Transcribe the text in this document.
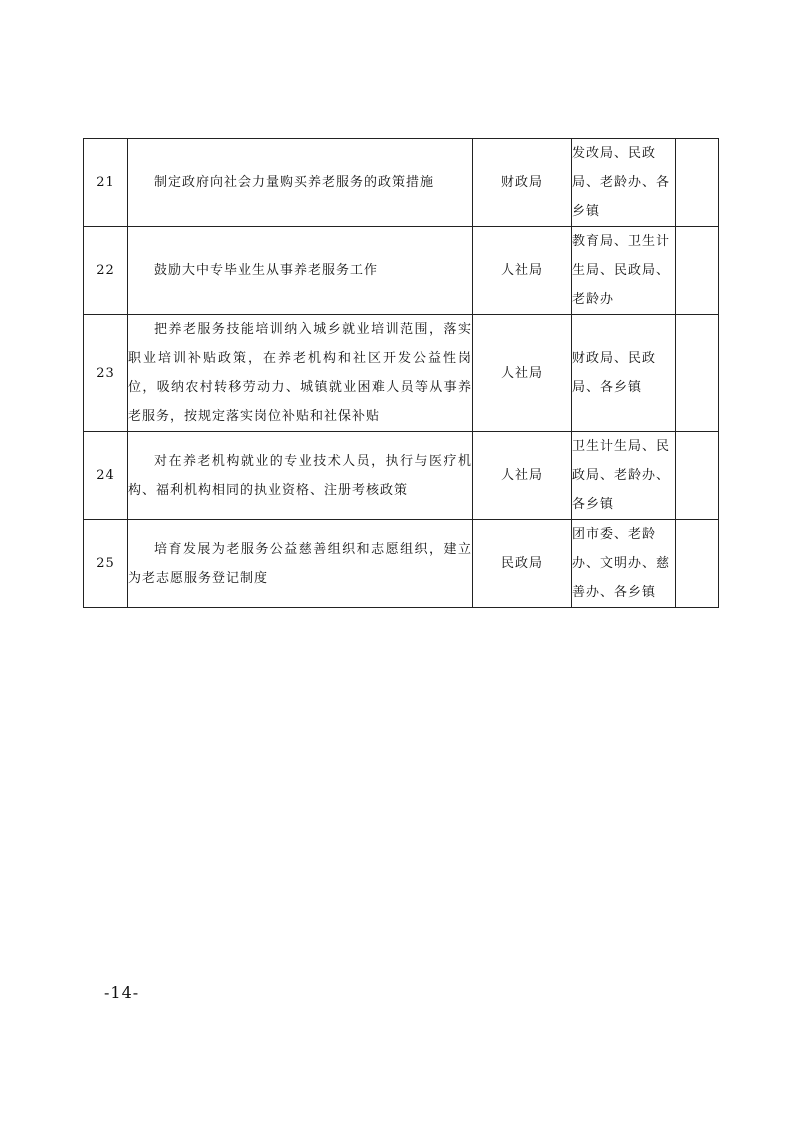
21	制定政府向社会力量购买养老服务的政策措施	财政局	发改局、民政局、老龄办、各乡镇	
22	鼓励大中专毕业生从事养老服务工作	人社局	教育局、卫生计生局、民政局、老龄办	
23	把养老服务技能培训纳入城乡就业培训范围，落实职业培训补贴政策，在养老机构和社区开发公益性岗位，吸纳农村转移劳动力、城镇就业困难人员等从事养老服务，按规定落实岗位补贴和社保补贴	人社局	财政局、民政局、各乡镇	
24	对在养老机构就业的专业技术人员，执行与医疗机构、福利机构相同的执业资格、注册考核政策	人社局	卫生计生局、民政局、老龄办、各乡镇	
25	培育发展为老服务公益慈善组织和志愿组织，建立为老志愿服务登记制度	民政局	团市委、老龄办、文明办、慈善办、各乡镇	
-14-
